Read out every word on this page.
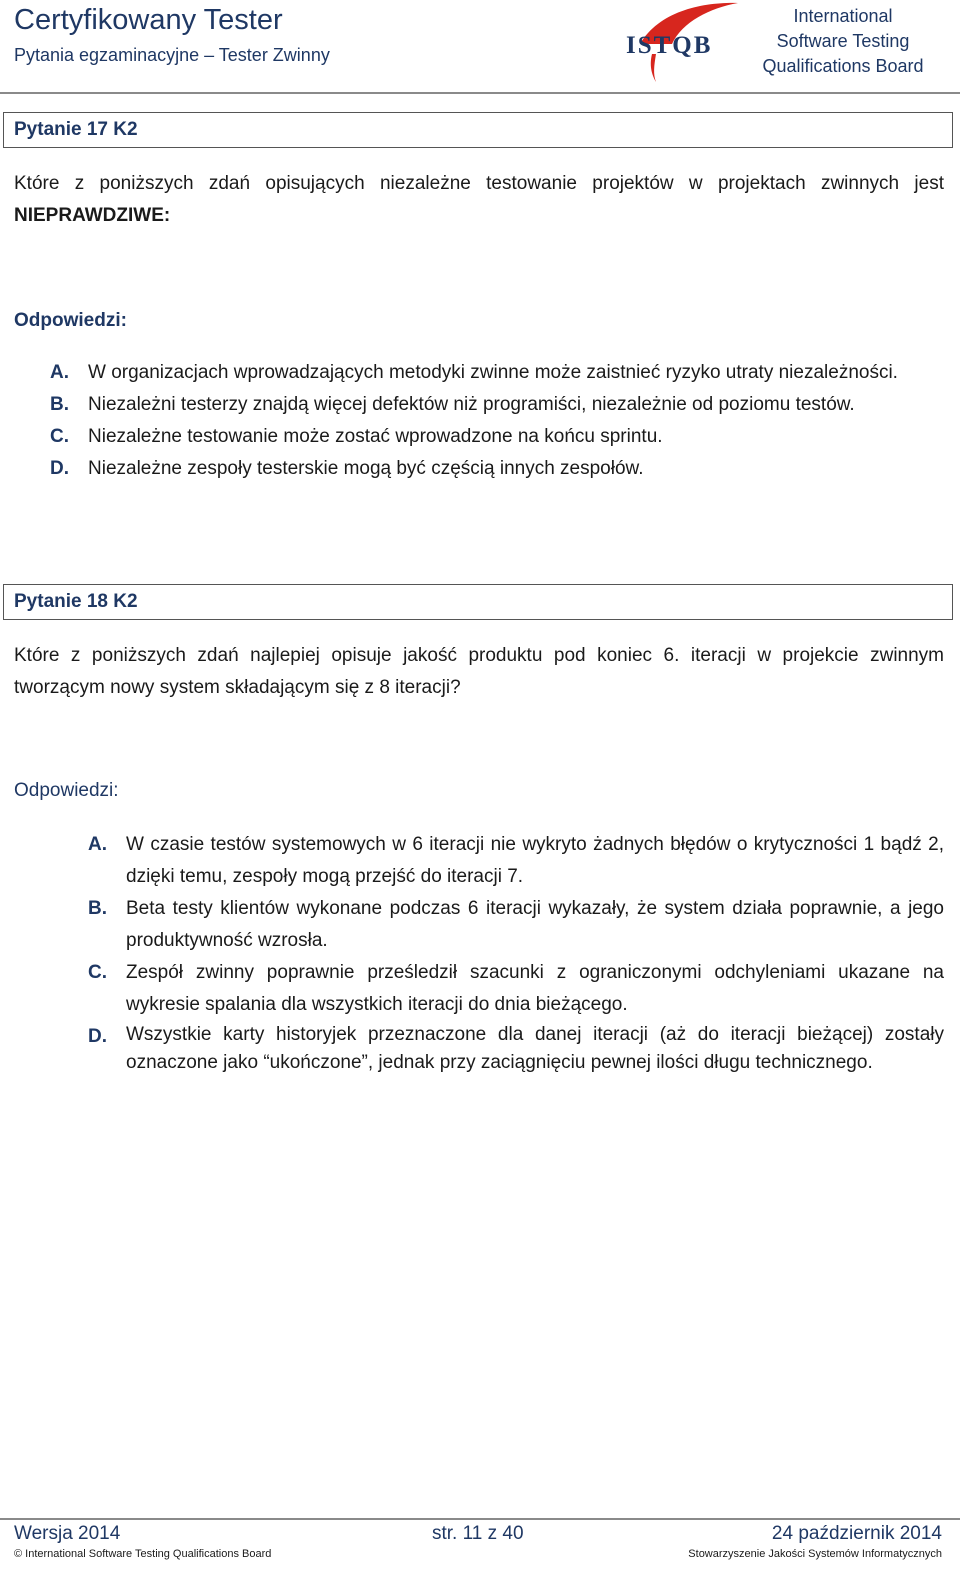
Certyfikowany Tester
Pytania egzaminacyjne – Tester Zwinny	ISTQB
International
Software Testing
Qualifications Board
Pytanie 17 K2
Które z poniższych zdań opisujących niezależne testowanie projektów w projektach zwinnych jest NIEPRAWDZIWE:
Odpowiedzi:
A.	W organizacjach wprowadzających metodyki zwinne może zaistnieć ryzyko utraty niezależności.
B.	Niezależni testerzy znajdą więcej defektów niż programiści, niezależnie od poziomu testów.
C.	Niezależne testowanie może zostać wprowadzone na końcu sprintu.
D.	Niezależne zespoły testerskie mogą być częścią innych zespołów.
Pytanie 18 K2
Które z poniższych zdań najlepiej opisuje jakość produktu pod koniec 6. iteracji w projekcie zwinnym tworzącym nowy system składającym się z 8 iteracji?
Odpowiedzi:
A.	W czasie testów systemowych w 6 iteracji nie wykryto żadnych błędów o krytyczności 1 bądź 2, dzięki temu, zespoły mogą przejść do iteracji 7.
B.	Beta testy klientów wykonane podczas 6 iteracji wykazały, że system działa poprawnie, a jego produktywność wzrosła.
C.	Zespół zwinny poprawnie prześledził szacunki z ograniczonymi odchyleniami ukazane na wykresie spalania dla wszystkich iteracji do dnia bieżącego.
D.	Wszystkie karty historyjek przeznaczone dla danej iteracji (aż do iteracji bieżącej) zostały oznaczone jako “ukończone”, jednak przy zaciągnięciu pewnej ilości długu technicznego.
Wersja 2014	str. 11 z 40	24 październik 2014
© International Software Testing Qualifications Board	Stowarzyszenie Jakości Systemów Informatycznych
